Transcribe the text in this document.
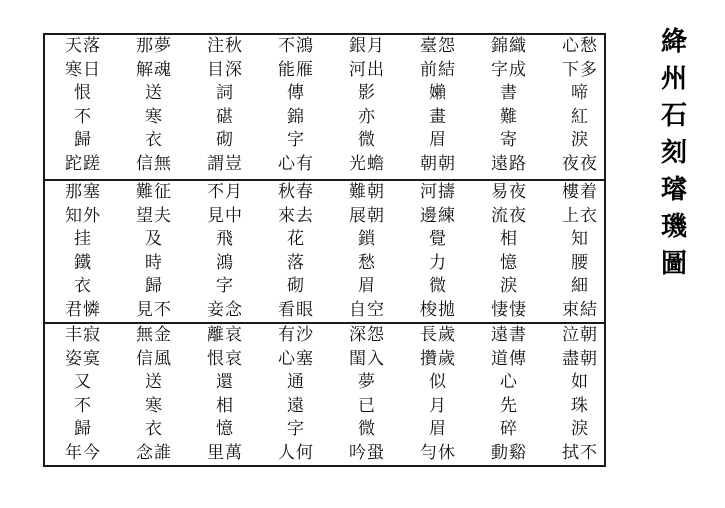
天落
寒日
恨
不
歸
跎蹉
那夢
解魂
送
寒
衣
信無
注秋
目深
詞
碪
砌
謂豈
不鴻
能雁
傳
錦
字
心有
銀月
河出
影
亦
微
光蟾
臺怨
前結
嬾
畫
眉
朝朝
錦織
字成
書
難
寄
遠路
心愁
下多
啼
紅
淚
夜夜
那塞
知外
挂
鐵
衣
君憐
難征
望夫
及
時
歸
見不
不月
見中
飛
鴻
字
妾念
秋春
來去
花
落
砌
看眼
難朝
展朝
鎖
愁
眉
自空
河擣
邊練
覺
力
微
梭拋
易夜
流夜
相
憶
淚
悽悽
樓着
上衣
知
腰
細
束結
丰寂
姿寞
又
不
歸
年今
無金
信風
送
寒
衣
念誰
離哀
恨哀
還
相
憶
里萬
有沙
心塞
通
遠
字
人何
深怨
閨入
夢
已
微
吟蛩
長歲
攢歲
似
月
眉
勻休
遠書
道傳
心
先
碎
動谿
泣朝
盡朝
如
珠
淚
拭不
絳
州
石
刻
璿
璣
圖
